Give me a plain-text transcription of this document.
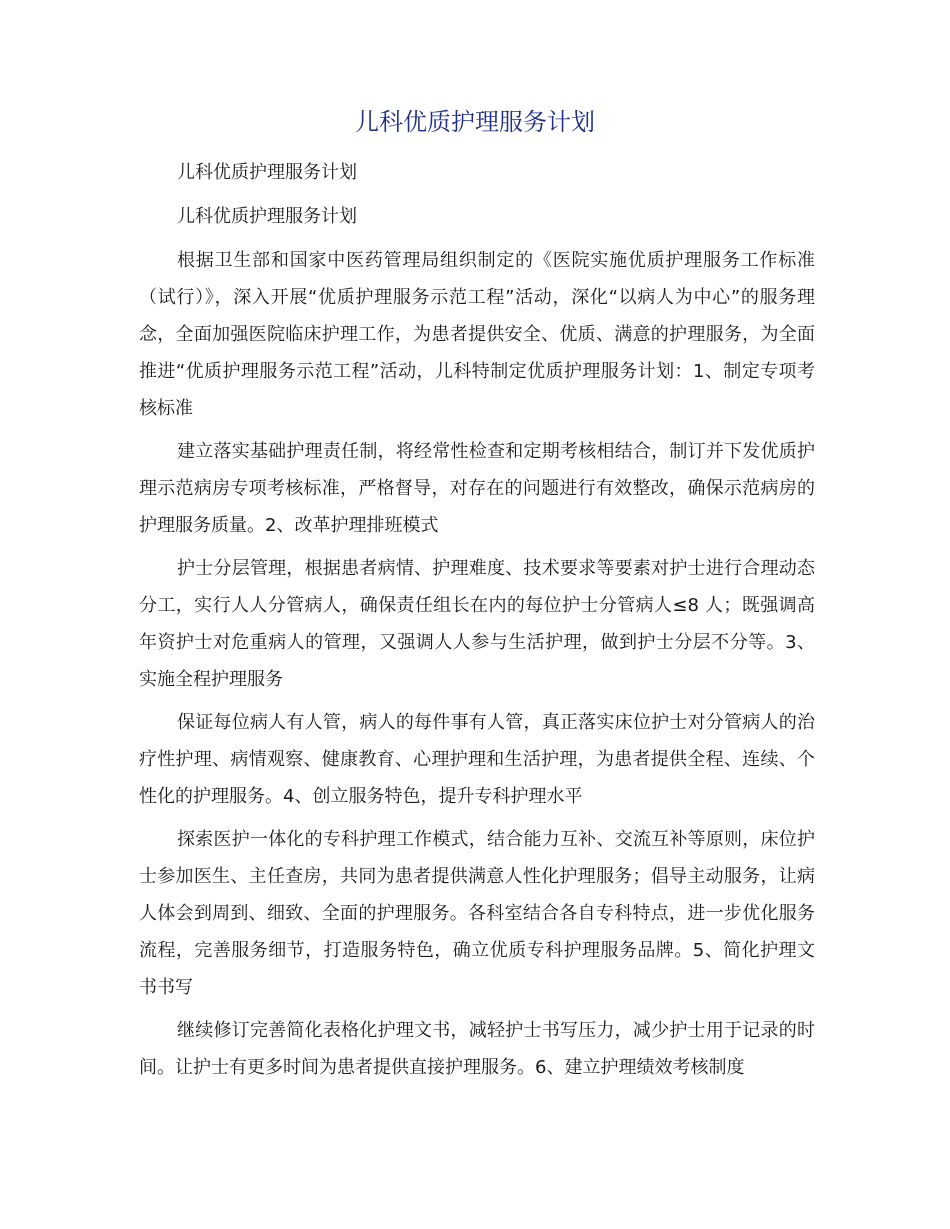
儿科优质护理服务计划

儿科优质护理服务计划

儿科优质护理服务计划

根据卫生部和国家中医药管理局组织制定的《医院实施优质护理服务工作标准（试行）》，深入开展“优质护理服务示范工程”活动，深化“以病人为中心”的服务理念，全面加强医院临床护理工作，为患者提供安全、优质、满意的护理服务，为全面推进“优质护理服务示范工程”活动，儿科特制定优质护理服务计划：1、制定专项考核标准

建立落实基础护理责任制，将经常性检查和定期考核相结合，制订并下发优质护理示范病房专项考核标准，严格督导，对存在的问题进行有效整改，确保示范病房的护理服务质量。2、改革护理排班模式

护士分层管理，根据患者病情、护理难度、技术要求等要素对护士进行合理动态分工，实行人人分管病人，确保责任组长在内的每位护士分管病人≤8 人；既强调高年资护士对危重病人的管理，又强调人人参与生活护理，做到护士分层不分等。3、实施全程护理服务

保证每位病人有人管，病人的每件事有人管，真正落实床位护士对分管病人的治疗性护理、病情观察、健康教育、心理护理和生活护理，为患者提供全程、连续、个性化的护理服务。4、创立服务特色，提升专科护理水平

探索医护一体化的专科护理工作模式，结合能力互补、交流互补等原则，床位护士参加医生、主任查房，共同为患者提供满意人性化护理服务；倡导主动服务，让病人体会到周到、细致、全面的护理服务。各科室结合各自专科特点，进一步优化服务流程，完善服务细节，打造服务特色，确立优质专科护理服务品牌。5、简化护理文书书写

继续修订完善简化表格化护理文书，减轻护士书写压力，减少护士用于记录的时间。让护士有更多时间为患者提供直接护理服务。6、建立护理绩效考核制度
